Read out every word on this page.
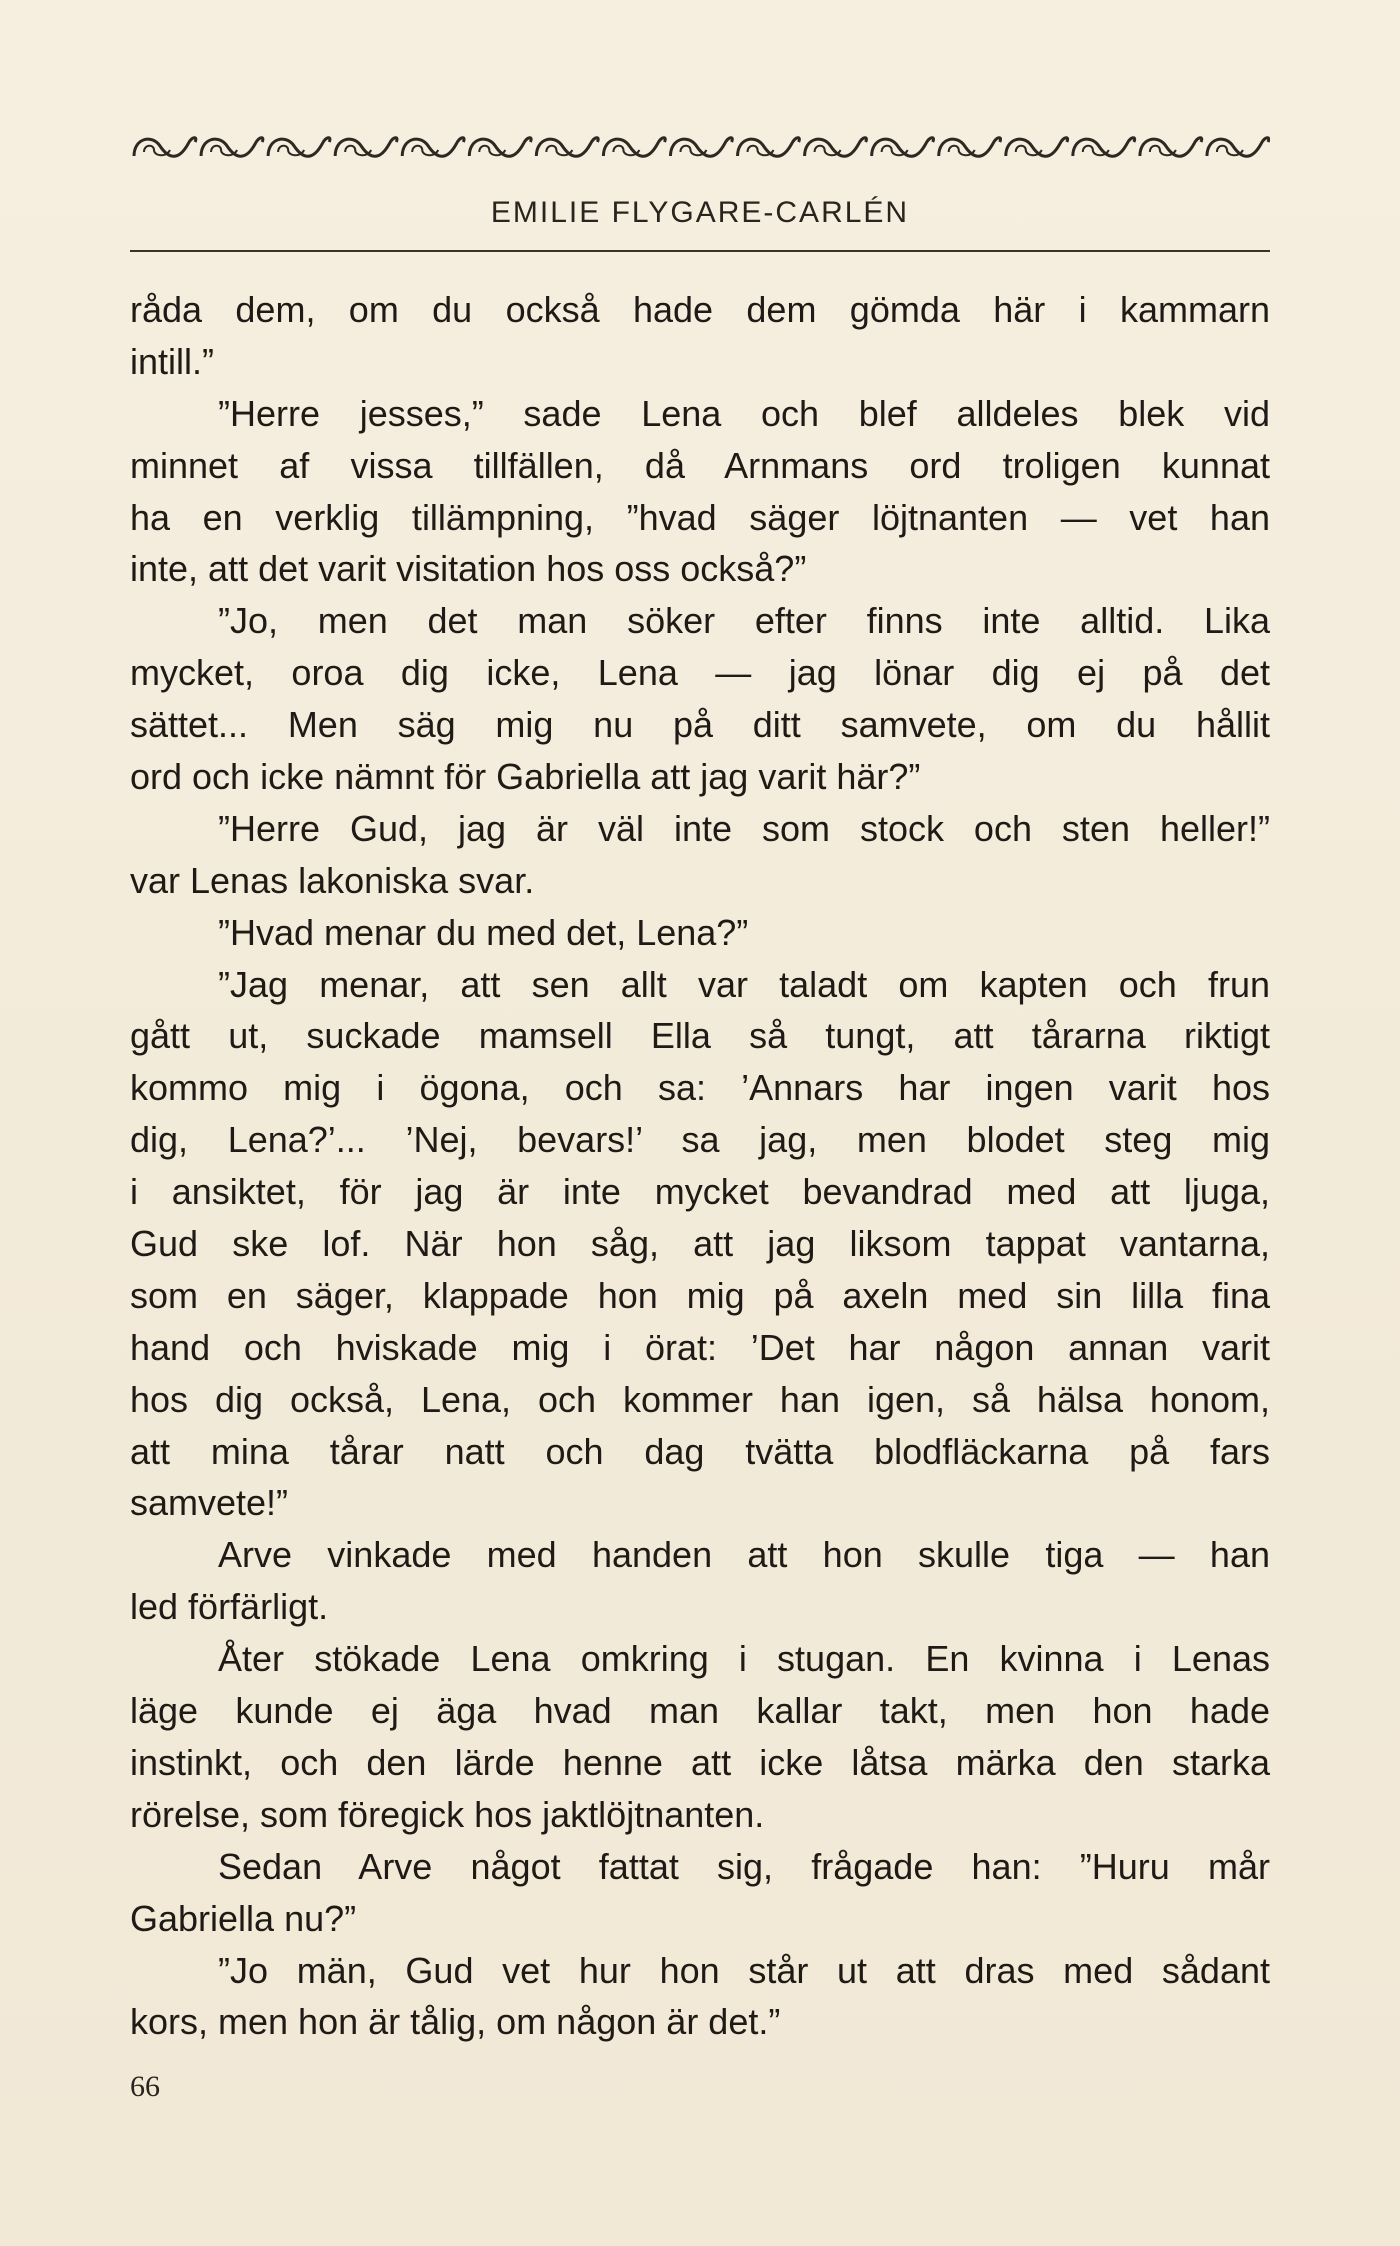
EMILIE FLYGARE-CARLÉN
råda dem, om du också hade dem gömda här i kammarn
intill.”
”Herre jesses,” sade Lena och blef alldeles blek vid
minnet af vissa tillfällen, då Arnmans ord troligen kunnat
ha en verklig tillämpning, ”hvad säger löjtnanten — vet han
inte, att det varit visitation hos oss också?”
”Jo, men det man söker efter finns inte alltid. Lika
mycket, oroa dig icke, Lena — jag lönar dig ej på det
sättet... Men säg mig nu på ditt samvete, om du hållit
ord och icke nämnt för Gabriella att jag varit här?”
”Herre Gud, jag är väl inte som stock och sten heller!”
var Lenas lakoniska svar.
”Hvad menar du med det, Lena?”
”Jag menar, att sen allt var taladt om kapten och frun
gått ut, suckade mamsell Ella så tungt, att tårarna riktigt
kommo mig i ögona, och sa: ’Annars har ingen varit hos
dig, Lena?’... ’Nej, bevars!’ sa jag, men blodet steg mig
i ansiktet, för jag är inte mycket bevandrad med att ljuga,
Gud ske lof. När hon såg, att jag liksom tappat vantarna,
som en säger, klappade hon mig på axeln med sin lilla fina
hand och hviskade mig i örat: ’Det har någon annan varit
hos dig också, Lena, och kommer han igen, så hälsa honom,
att mina tårar natt och dag tvätta blodfläckarna på fars
samvete!”
Arve vinkade med handen att hon skulle tiga — han
led förfärligt.
Åter stökade Lena omkring i stugan. En kvinna i Lenas
läge kunde ej äga hvad man kallar takt, men hon hade
instinkt, och den lärde henne att icke låtsa märka den starka
rörelse, som föregick hos jaktlöjtnanten.
Sedan Arve något fattat sig, frågade han: ”Huru mår
Gabriella nu?”
”Jo män, Gud vet hur hon står ut att dras med sådant
kors, men hon är tålig, om någon är det.”
66
